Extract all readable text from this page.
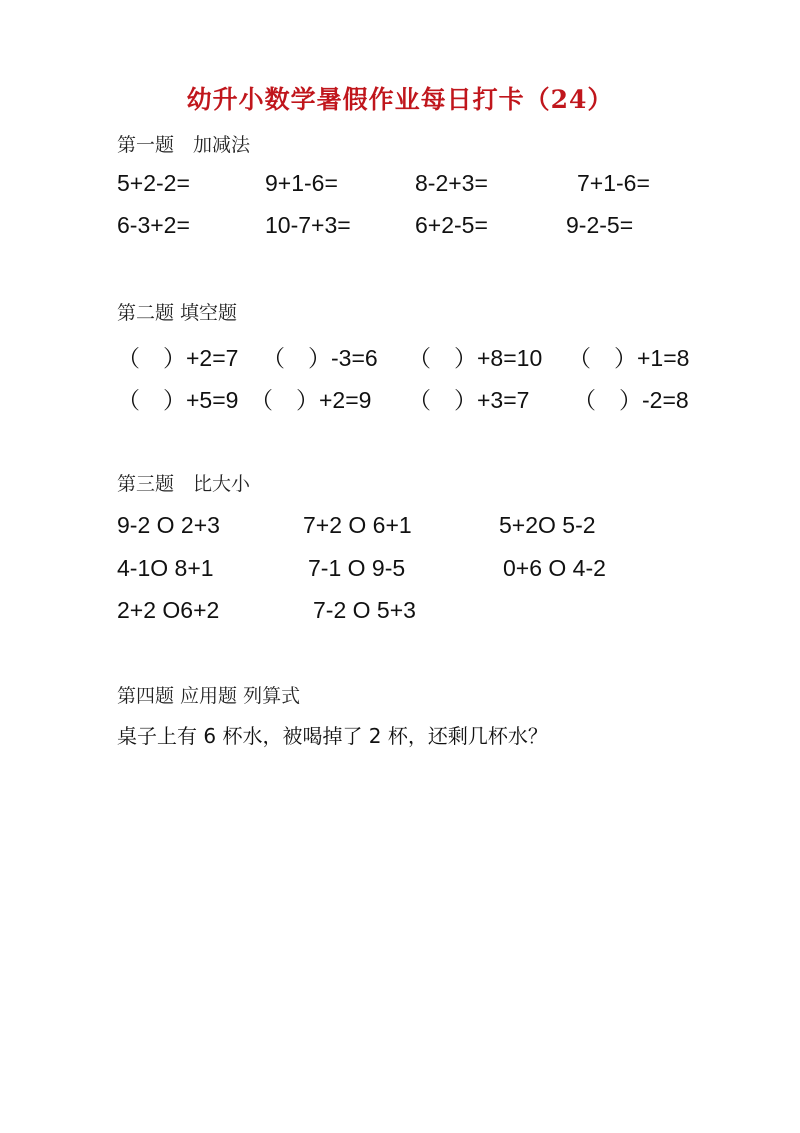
幼升小数学暑假作业每日打卡（24）
第一题　加减法
5+2-2=	9+1-6=	8-2+3=	7+1-6=
6-3+2=	10-7+3=	6+2-5=	9-2-5=
第二题 填空题
（　）+2=7 （　）-3=6 （　）+8=10 （　）+1=8
（　）+5=9 （　）+2=9 （　）+3=7 （　）-2=8
第三题　比大小
9-2 O 2+3	7+2 O 6+1	5+2O 5-2
4-1O 8+1	7-1 O 9-5	0+6 O 4-2
2+2 O6+2	7-2 O 5+3
第四题 应用题 列算式
桌子上有 6 杯水，被喝掉了 2 杯，还剩几杯水？
